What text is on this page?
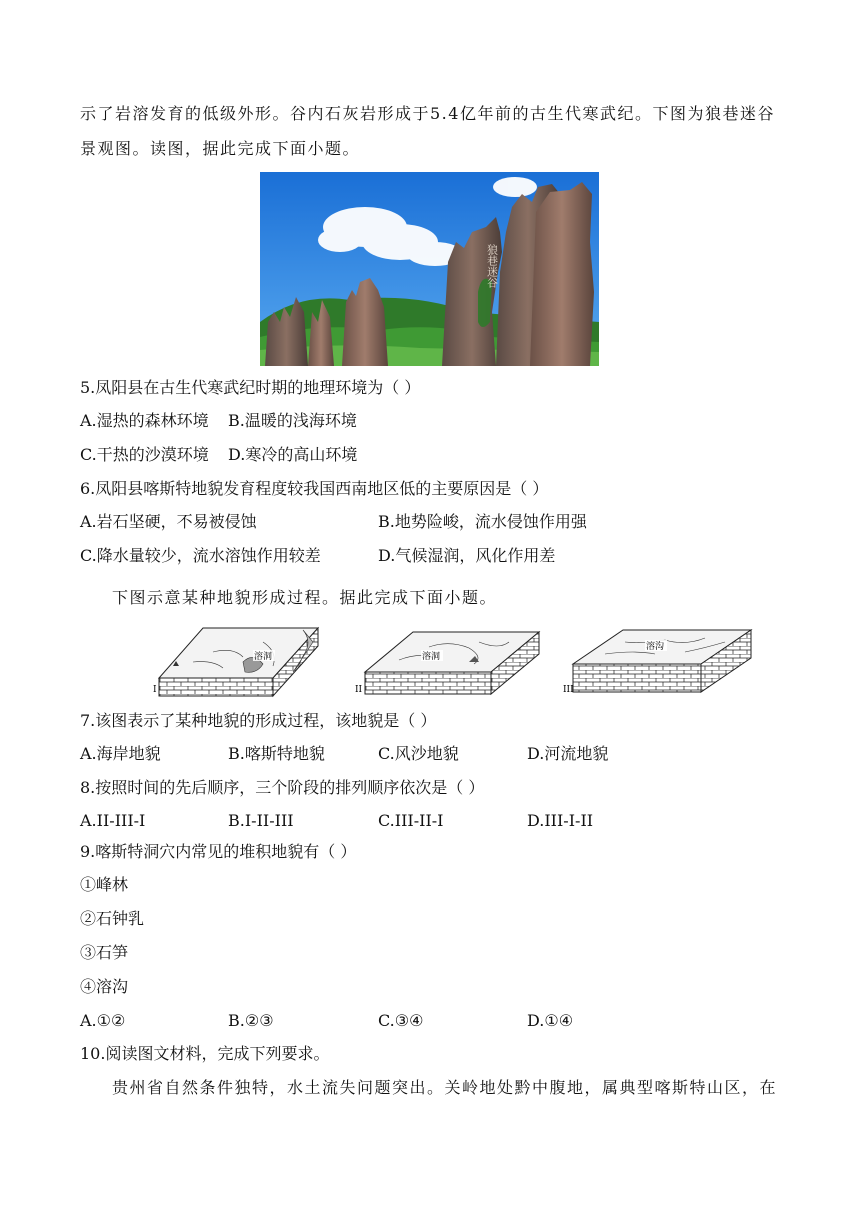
示了岩溶发育的低级外形。谷内石灰岩形成于5.4亿年前的古生代寒武纪。下图为狼巷迷谷
景观图。读图，据此完成下面小题。
狼巷迷谷
5.凤阳县在古生代寒武纪时期的地理环境为（ ）
A.湿热的森林环境 B.温暖的浅海环境
C.干热的沙漠环境 D.寒冷的高山环境
6.凤阳县喀斯特地貌发育程度较我国西南地区低的主要原因是（ ）
A.岩石坚硬，不易被侵蚀	B.地势险峻，流水侵蚀作用强
C.降水量较少，流水溶蚀作用较差	D.气候湿润，风化作用差
下图示意某种地貌形成过程。据此完成下面小题。
I
溶洞
II
溶洞
III
溶沟
7.该图表示了某种地貌的形成过程，该地貌是（ ）
A.海岸地貌	B.喀斯特地貌	C.风沙地貌	D.河流地貌
8.按照时间的先后顺序，三个阶段的排列顺序依次是（ ）
A.II-III-I	B.I-II-III	C.III-II-I	D.III-I-II
9.喀斯特洞穴内常见的堆积地貌有（ ）
①峰林
②石钟乳
③石笋
④溶沟
A.①②	B.②③	C.③④	D.①④
10.阅读图文材料，完成下列要求。
贵州省自然条件独特，水土流失问题突出。关岭地处黔中腹地，属典型喀斯特山区，在
